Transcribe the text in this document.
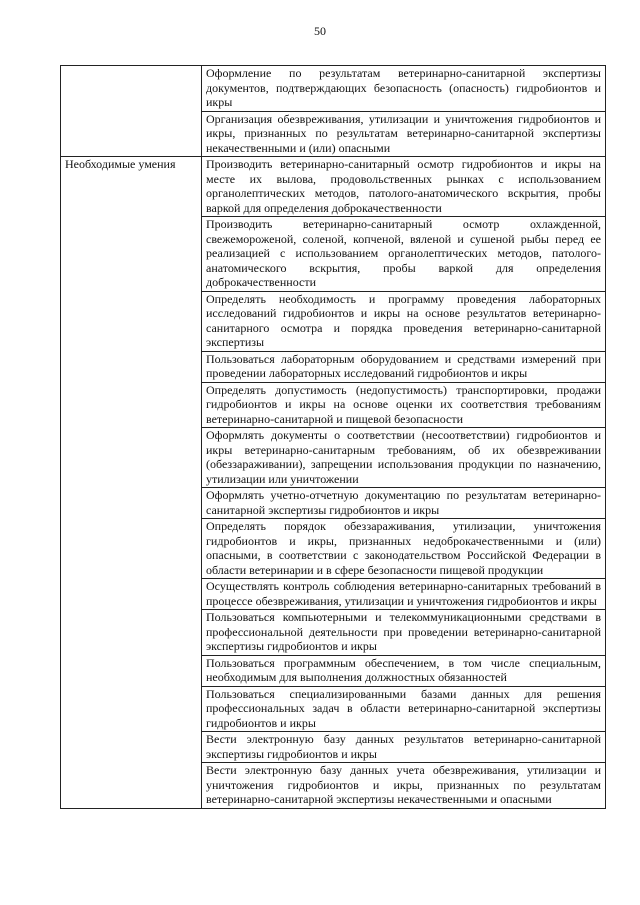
50
	Оформление по результатам ветеринарно-санитарной экспертизы документов, подтверждающих безопасность (опасность) гидробионтов и икры
	Организация обезвреживания, утилизации и уничтожения гидробионтов и икры, признанных по результатам ветеринарно-санитарной экспертизы некачественными и (или) опасными
Необходимые умения	Производить ветеринарно-санитарный осмотр гидробионтов и икры на месте их вылова, продовольственных рынках с использованием органолептических методов, патолого-анатомического вскрытия, пробы варкой для определения доброкачественности
	Производить ветеринарно-санитарный осмотр охлажденной, свежемороженой, соленой, копченой, вяленой и сушеной рыбы перед ее реализацией с использованием органолептических методов, патолого-анатомического вскрытия, пробы варкой для определения доброкачественности
	Определять необходимость и программу проведения лабораторных исследований гидробионтов и икры на основе результатов ветеринарно-санитарного осмотра и порядка проведения ветеринарно-санитарной экспертизы
	Пользоваться лабораторным оборудованием и средствами измерений при проведении лабораторных исследований гидробионтов и икры
	Определять допустимость (недопустимость) транспортировки, продажи гидробионтов и икры на основе оценки их соответствия требованиям ветеринарно-санитарной и пищевой безопасности
	Оформлять документы о соответствии (несоответствии) гидробионтов и икры ветеринарно-санитарным требованиям, об их обезвреживании (обеззараживании), запрещении использования продукции по назначению, утилизации или уничтожении
	Оформлять учетно-отчетную документацию по результатам ветеринарно-санитарной экспертизы гидробионтов и икры
	Определять порядок обеззараживания, утилизации, уничтожения гидробионтов и икры, признанных недоброкачественными и (или) опасными, в соответствии с законодательством Российской Федерации в области ветеринарии и в сфере безопасности пищевой продукции
	Осуществлять контроль соблюдения ветеринарно-санитарных требований в процессе обезвреживания, утилизации и уничтожения гидробионтов и икры
	Пользоваться компьютерными и телекоммуникационными средствами в профессиональной деятельности при проведении ветеринарно-санитарной экспертизы гидробионтов и икры
	Пользоваться программным обеспечением, в том числе специальным, необходимым для выполнения должностных обязанностей
	Пользоваться специализированными базами данных для решения профессиональных задач в области ветеринарно-санитарной экспертизы гидробионтов и икры
	Вести электронную базу данных результатов ветеринарно-санитарной экспертизы гидробионтов и икры
	Вести электронную базу данных учета обезвреживания, утилизации и уничтожения гидробионтов и икры, признанных по результатам ветеринарно-санитарной экспертизы некачественными и опасными
